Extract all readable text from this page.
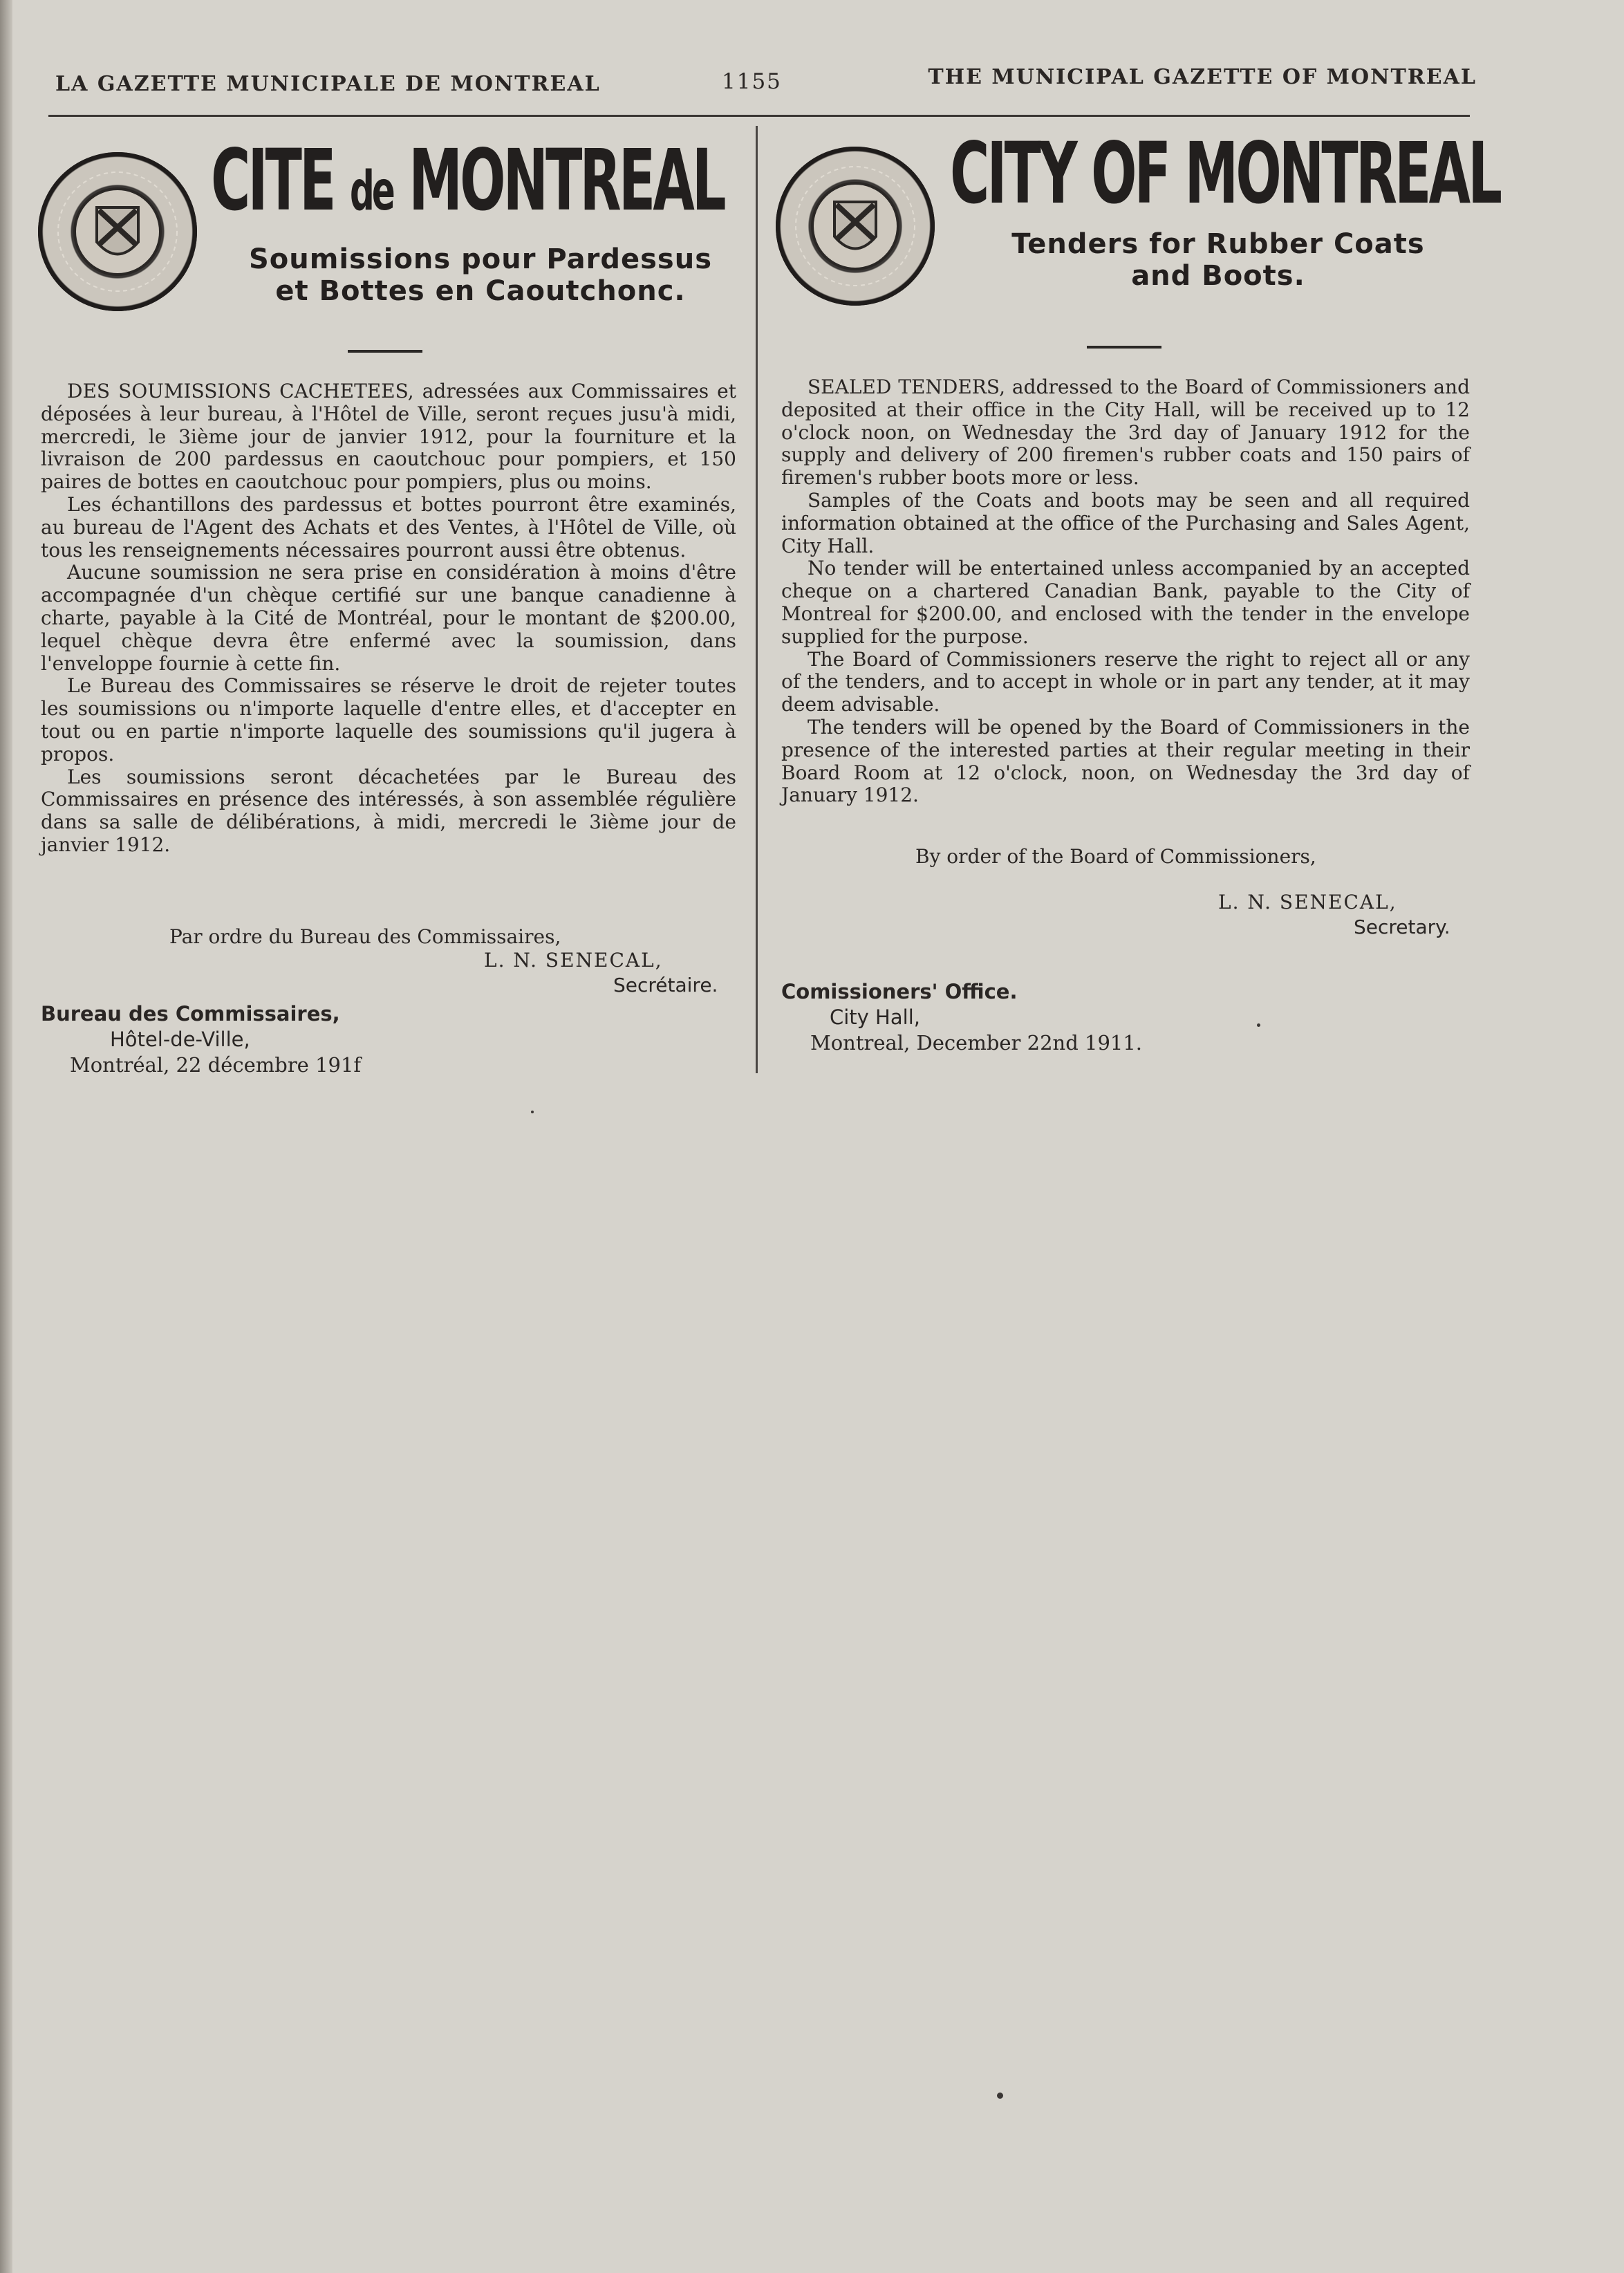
LA GAZETTE MUNICIPALE DE MONTREAL	1155	THE MUNICIPAL GAZETTE OF MONTREAL
CITE de MONTREAL
Soumissions pour Pardessus
et Bottes en Caoutchonc.

DES SOUMISSIONS CACHETEES, adressées aux Commissaires et déposées à leur bureau, à l'Hôtel de Ville, seront reçues jusu'à midi, mercredi, le 3ième jour de janvier 1912, pour la fourniture et la livraison de 200 pardessus en caoutchouc pour pompiers, et 150 paires de bottes en caoutchouc pour pompiers, plus ou moins.

Les échantillons des pardessus et bottes pourront être examinés, au bureau de l'Agent des Achats et des Ventes, à l'Hôtel de Ville, où tous les renseignements nécessaires pourront aussi être obtenus.

Aucune soumission ne sera prise en considération à moins d'être accompagnée d'un chèque certifié sur une banque canadienne à charte, payable à la Cité de Montréal, pour le montant de $200.00, lequel chèque devra être enfermé avec la soumission, dans l'enveloppe fournie à cette fin.

Le Bureau des Commissaires se réserve le droit de rejeter toutes les soumissions ou n'importe laquelle d'entre elles, et d'accepter en tout ou en partie n'importe laquelle des soumissions qu'il jugera à propos.

Les soumissions seront décachetées par le Bureau des Commissaires en présence des intéressés, à son assemblée régulière dans sa salle de délibérations, à midi, mercredi le 3ième jour de janvier 1912.

Par ordre du Bureau des Commissaires,
L. N. SENECAL,
Secrétaire.
Bureau des Commissaires,
Hôtel-de-Ville,
Montréal, 22 décembre 191f
CITY OF MONTREAL
Tenders for Rubber Coats
and Boots.

SEALED TENDERS, addressed to the Board of Commissioners and deposited at their office in the City Hall, will be received up to 12 o'clock noon, on Wednesday the 3rd day of January 1912 for the supply and delivery of 200 firemen's rubber coats and 150 pairs of firemen's rubber boots more or less.

Samples of the Coats and boots may be seen and all required information obtained at the office of the Purchasing and Sales Agent, City Hall.

No tender will be entertained unless accompanied by an accepted cheque on a chartered Canadian Bank, payable to the City of Montreal for $200.00, and enclosed with the tender in the envelope supplied for the purpose.

The Board of Commissioners reserve the right to reject all or any of the tenders, and to accept in whole or in part any tender, at it may deem advisable.

The tenders will be opened by the Board of Commissioners in the presence of the interested parties at their regular meeting in their Board Room at 12 o'clock, noon, on Wednesday the 3rd day of January 1912.

By order of the Board of Commissioners,
L. N. SENECAL,
Secretary.
Comissioners' Office.
City Hall,
Montreal, December 22nd 1911.
